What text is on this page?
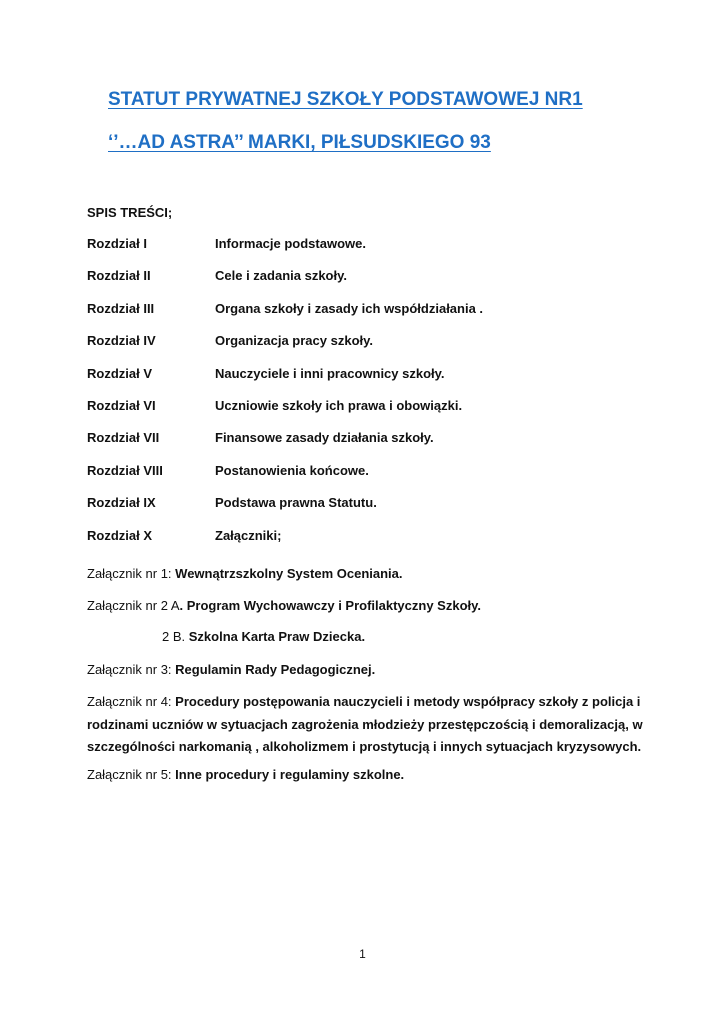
STATUT PRYWATNEJ SZKOŁY PODSTAWOWEJ NR1
‘’…AD ASTRA’’ MARKI, PIŁSUDSKIEGO 93
SPIS TREŚCI;
Rozdział I	Informacje podstawowe.
Rozdział II	Cele i zadania szkoły.
Rozdział III	Organa szkoły i zasady ich współdziałania .
Rozdział IV	Organizacja pracy szkoły.
Rozdział V	Nauczyciele i inni pracownicy szkoły.
Rozdział VI	Uczniowie szkoły ich prawa i obowiązki.
Rozdział VII	Finansowe zasady działania szkoły.
Rozdział VIII	Postanowienia końcowe.
Rozdział IX	Podstawa prawna Statutu.
Rozdział X	Załączniki;

Załącznik nr 1: Wewnątrzszkolny System Oceniania.

Załącznik nr 2 A. Program Wychowawczy i Profilaktyczny Szkoły.

2 B. Szkolna Karta Praw Dziecka.

Załącznik nr 3: Regulamin Rady Pedagogicznej.

Załącznik nr 4: Procedury postępowania nauczycieli i metody współpracy szkoły z policja i rodzinami uczniów w sytuacjach zagrożenia młodzieży przestępczością i demoralizacją, w szczególności narkomanią , alkoholizmem i prostytucją i innych sytuacjach kryzysowych.

Załącznik nr 5: Inne procedury i regulaminy szkolne.

1
